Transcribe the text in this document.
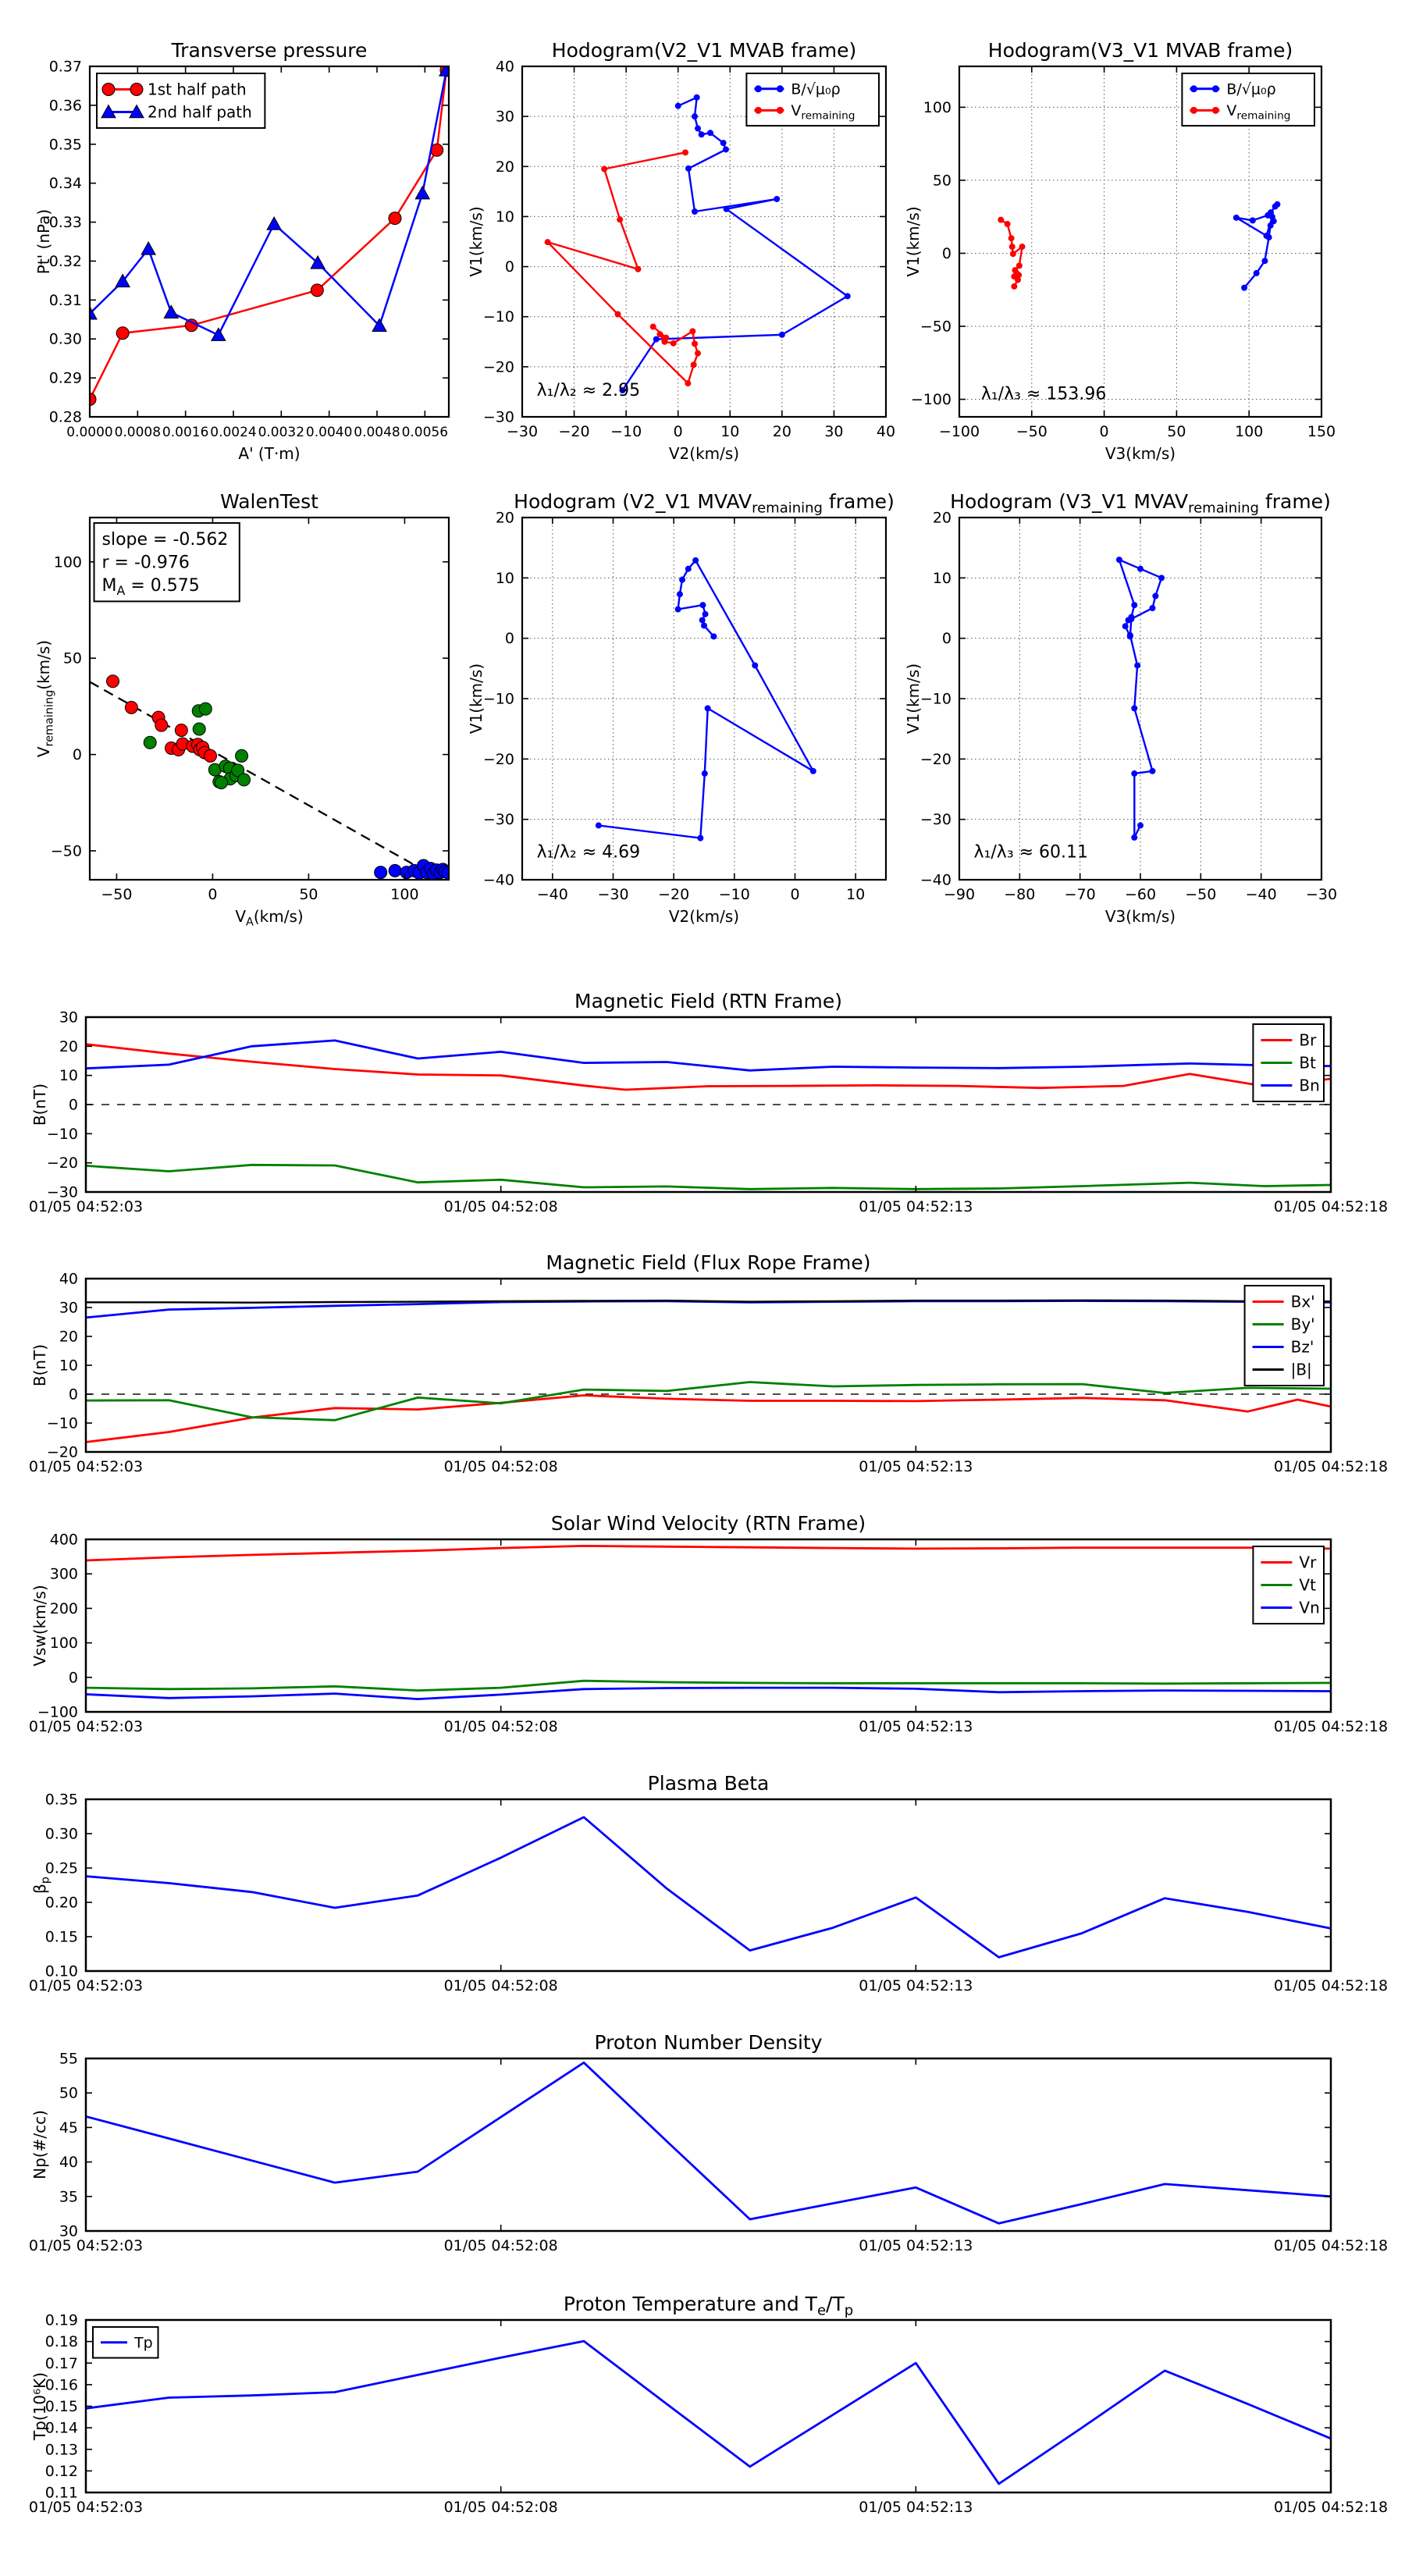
0.0000 0.0008 0.0016 0.0024 0.0032 0.0040 0.0048 0.0056
0.28
0.29
0.30
0.31
0.32
0.33
0.34
0.35
0.36
0.37
Transverse pressure
A' (T·m)
Pt' (nPa)
1st half path
2nd half path
−30 −20 −10 0	10 20 30 40
−30
−20
−10
0
10
20
30
40
Hodogram(V2_V1 MVAB frame)
V2(km/s)
V1(km/s)
λ₁/λ₂ ≈ 2.95
B/√μ₀ρ
$V_{remaining}$
−100 −50	0	50	100	150
−100
−50
0
50
100
Hodogram(V3_V1 MVAB frame)
V3(km/s)
V1(km/s)
λ₁/λ₃ ≈ 153.96
B/√μ₀ρ
$V_{remaining}$
−50	0	50	100
−50
0
50
100
WalenTest
$V_A(km/s)$
$V_{remaining}(km/s)$
slope = -0.562
r = -0.976
$M_A = 0.575$
−40 −30 −20 −10	0	10
−40
−30
−20
−10
0
10
20
Hodogram (V2_V1 $MVAV_{remaining}$ frame)
V2(km/s)
V1(km/s)
λ₁/λ₂ ≈ 4.69
−90 −80 −70 −60 −50 −40 −30
−40
−30
−20
−10
0
10
20
Hodogram (V3_V1 $MVAV_{remaining}$ frame)
V3(km/s)
V1(km/s)
λ₁/λ₃ ≈ 60.11
01/05 04:52:03	01/05 04:52:08	01/05 04:52:13	01/05 04:52:18
−30
−20
−10
0
10
20
30
Magnetic Field (RTN Frame)
B(nT)
Br
Bt
Bn
01/05 04:52:03	01/05 04:52:08	01/05 04:52:13	01/05 04:52:18
−20
−10
0
10
20
30
40
Magnetic Field (Flux Rope Frame)
B(nT)
Bx'
By'
Bz'
|B|
01/05 04:52:03	01/05 04:52:08	01/05 04:52:13	01/05 04:52:18
−100
0
100
200
300
400
Solar Wind Velocity (RTN Frame)
Vsw(km/s)
Vr
Vt
Vn
01/05 04:52:03	01/05 04:52:08	01/05 04:52:13	01/05 04:52:18
0.10
0.15
0.20
0.25
0.30
0.35
Plasma Beta
$\beta_p$
01/05 04:52:03	01/05 04:52:08	01/05 04:52:13	01/05 04:52:18
30
35
40
45
50
55
Proton Number Density
Np(#/cc)
01/05 04:52:03	01/05 04:52:08	01/05 04:52:13	01/05 04:52:18
0.11
0.12
0.13
0.14
0.15
0.16
0.17
0.18
0.19
Proton Temperature and $T_e/T_p$
Tp(10⁶K)
Tp
